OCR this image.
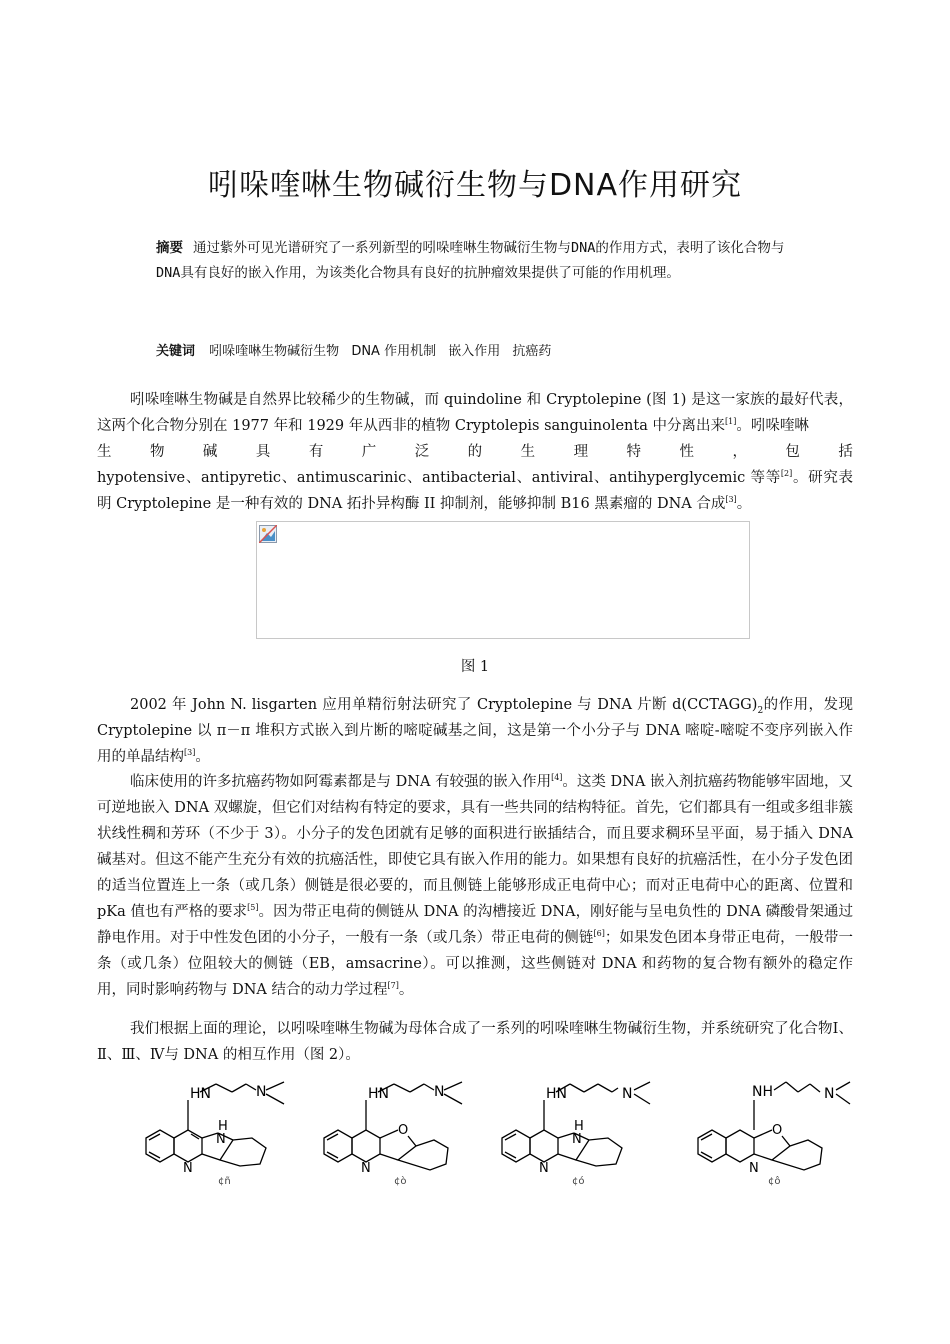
吲哚喹啉生物碱衍生物与DNA作用研究
摘要 通过紫外可见光谱研究了一系列新型的吲哚喹啉生物碱衍生物与DNA的作用方式，表明了该化合物与DNA具有良好的嵌入作用，为该类化合物具有良好的抗肿瘤效果提供了可能的作用机理。
关键词 吲哚喹啉生物碱衍生物 DNA 作用机制 嵌入作用 抗癌药
吲哚喹啉生物碱是自然界比较稀少的生物碱，而 quindoline 和 Cryptolepine (图 1) 是这一家族的最好代表，这两个化合物分别在 1977 年和 1929 年从西非的植物 Cryptolepis sanguinolenta 中分离出来[1]。吲哚喹啉
生	物	碱	具	有	广	泛	的	生	理	特	性	，	包	括
hypotensive、antipyretic、antimuscarinic、antibacterial、antiviral、antihyperglycemic 等等[2]。研究表明 Cryptolepine 是一种有效的 DNA 拓扑异构酶 II 抑制剂，能够抑制 B16 黑素瘤的 DNA 合成[3]。
图 1
2002 年 John N. lisgarten 应用单精衍射法研究了 Cryptolepine 与 DNA 片断 $d(CCTAGG)_2$的作用，发现 Cryptolepine 以 π－π 堆积方式嵌入到片断的嘧啶碱基之间，这是第一个小分子与 DNA 嘧啶-嘧啶不变序列嵌入作用的单晶结构[3]。
临床使用的许多抗癌药物如阿霉素都是与 DNA 有较强的嵌入作用[4]。这类 DNA 嵌入剂抗癌药物能够牢固地，又可逆地嵌入 DNA 双螺旋，但它们对结构有特定的要求，具有一些共同的结构特征。首先，它们都具有一组或多组非簇状线性稠和芳环（不少于 3）。小分子的发色团就有足够的面积进行嵌插结合，而且要求稠环呈平面，易于插入 DNA 碱基对。但这不能产生充分有效的抗癌活性，即使它具有嵌入作用的能力。如果想有良好的抗癌活性，在小分子发色团的适当位置连上一条（或几条）侧链是很必要的，而且侧链上能够形成正电荷中心；而对正电荷中心的距离、位置和 pKa 值也有严格的要求[5]。因为带正电荷的侧链从 DNA 的沟槽接近 DNA，刚好能与呈电负性的 DNA 磷酸骨架通过静电作用。对于中性发色团的小分子，一般有一条（或几条）带正电荷的侧链[6]；如果发色团本身带正电荷，一般带一条（或几条）位阻较大的侧链（EB，amsacrine）。可以推测，这些侧链对 DNA 和药物的复合物有额外的稳定作用，同时影响药物与 DNA 结合的动力学过程[7]。
我们根据上面的理论，以吲哚喹啉生物碱为母体合成了一系列的吲哚喹啉生物碱衍生物，并系统研究了化合物Ⅰ、Ⅱ、Ⅲ、Ⅳ与 DNA 的相互作用（图 2）。
HN	N
H
N
N
¢ñ
HN	N
O
N
¢ò
HN	N
H
N
N
¢ó
NH	N
O
N
¢ô
